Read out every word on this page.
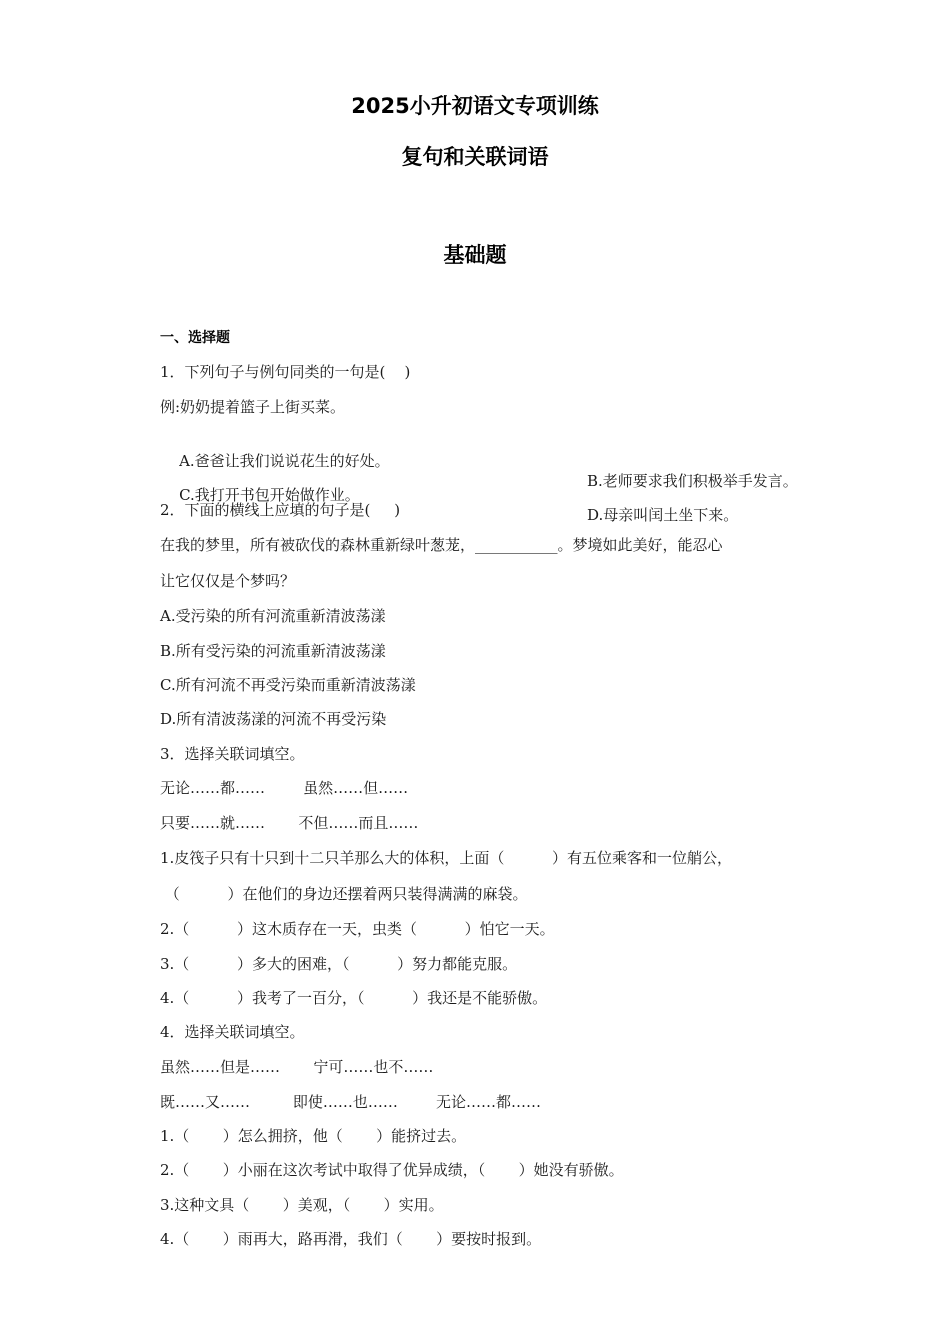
2025小升初语文专项训练
复句和关联词语
基础题
一、选择题
1．下列句子与例句同类的一句是(    )
例:奶奶提着篮子上街买菜。

A.爸爸让我们说说花生的好处。

B.老师要求我们积极举手发言。

C.我打开书包开始做作业。

D.母亲叫闰土坐下来。

2．下面的横线上应填的句子是(     )
在我的梦里，所有被砍伐的森林重新绿叶葱茏，___________。梦境如此美好，能忍心
让它仅仅是个梦吗？
A.受污染的所有河流重新清波荡漾
B.所有受污染的河流重新清波荡漾
C.所有河流不再受污染而重新清波荡漾
D.所有清波荡漾的河流不再受污染
3．选择关联词填空。
无论……都……        虽然……但……
只要……就……       不但……而且……
1.皮筏子只有十只到十二只羊那么大的体积，上面（          ）有五位乘客和一位艄公，
（          ）在他们的身边还摆着两只装得满满的麻袋。
2.（          ）这木质存在一天，虫类（          ）怕它一天。
3.（          ）多大的困难，（          ）努力都能克服。
4.（          ）我考了一百分，（          ）我还是不能骄傲。
4．选择关联词填空。
虽然……但是……       宁可……也不……
既……又……         即使……也……        无论……都……
1.（       ）怎么拥挤，他（       ）能挤过去。
2.（       ）小丽在这次考试中取得了优异成绩，（       ）她没有骄傲。
3.这种文具（       ）美观，（       ）实用。
4.（       ）雨再大，路再滑，我们（       ）要按时报到。
